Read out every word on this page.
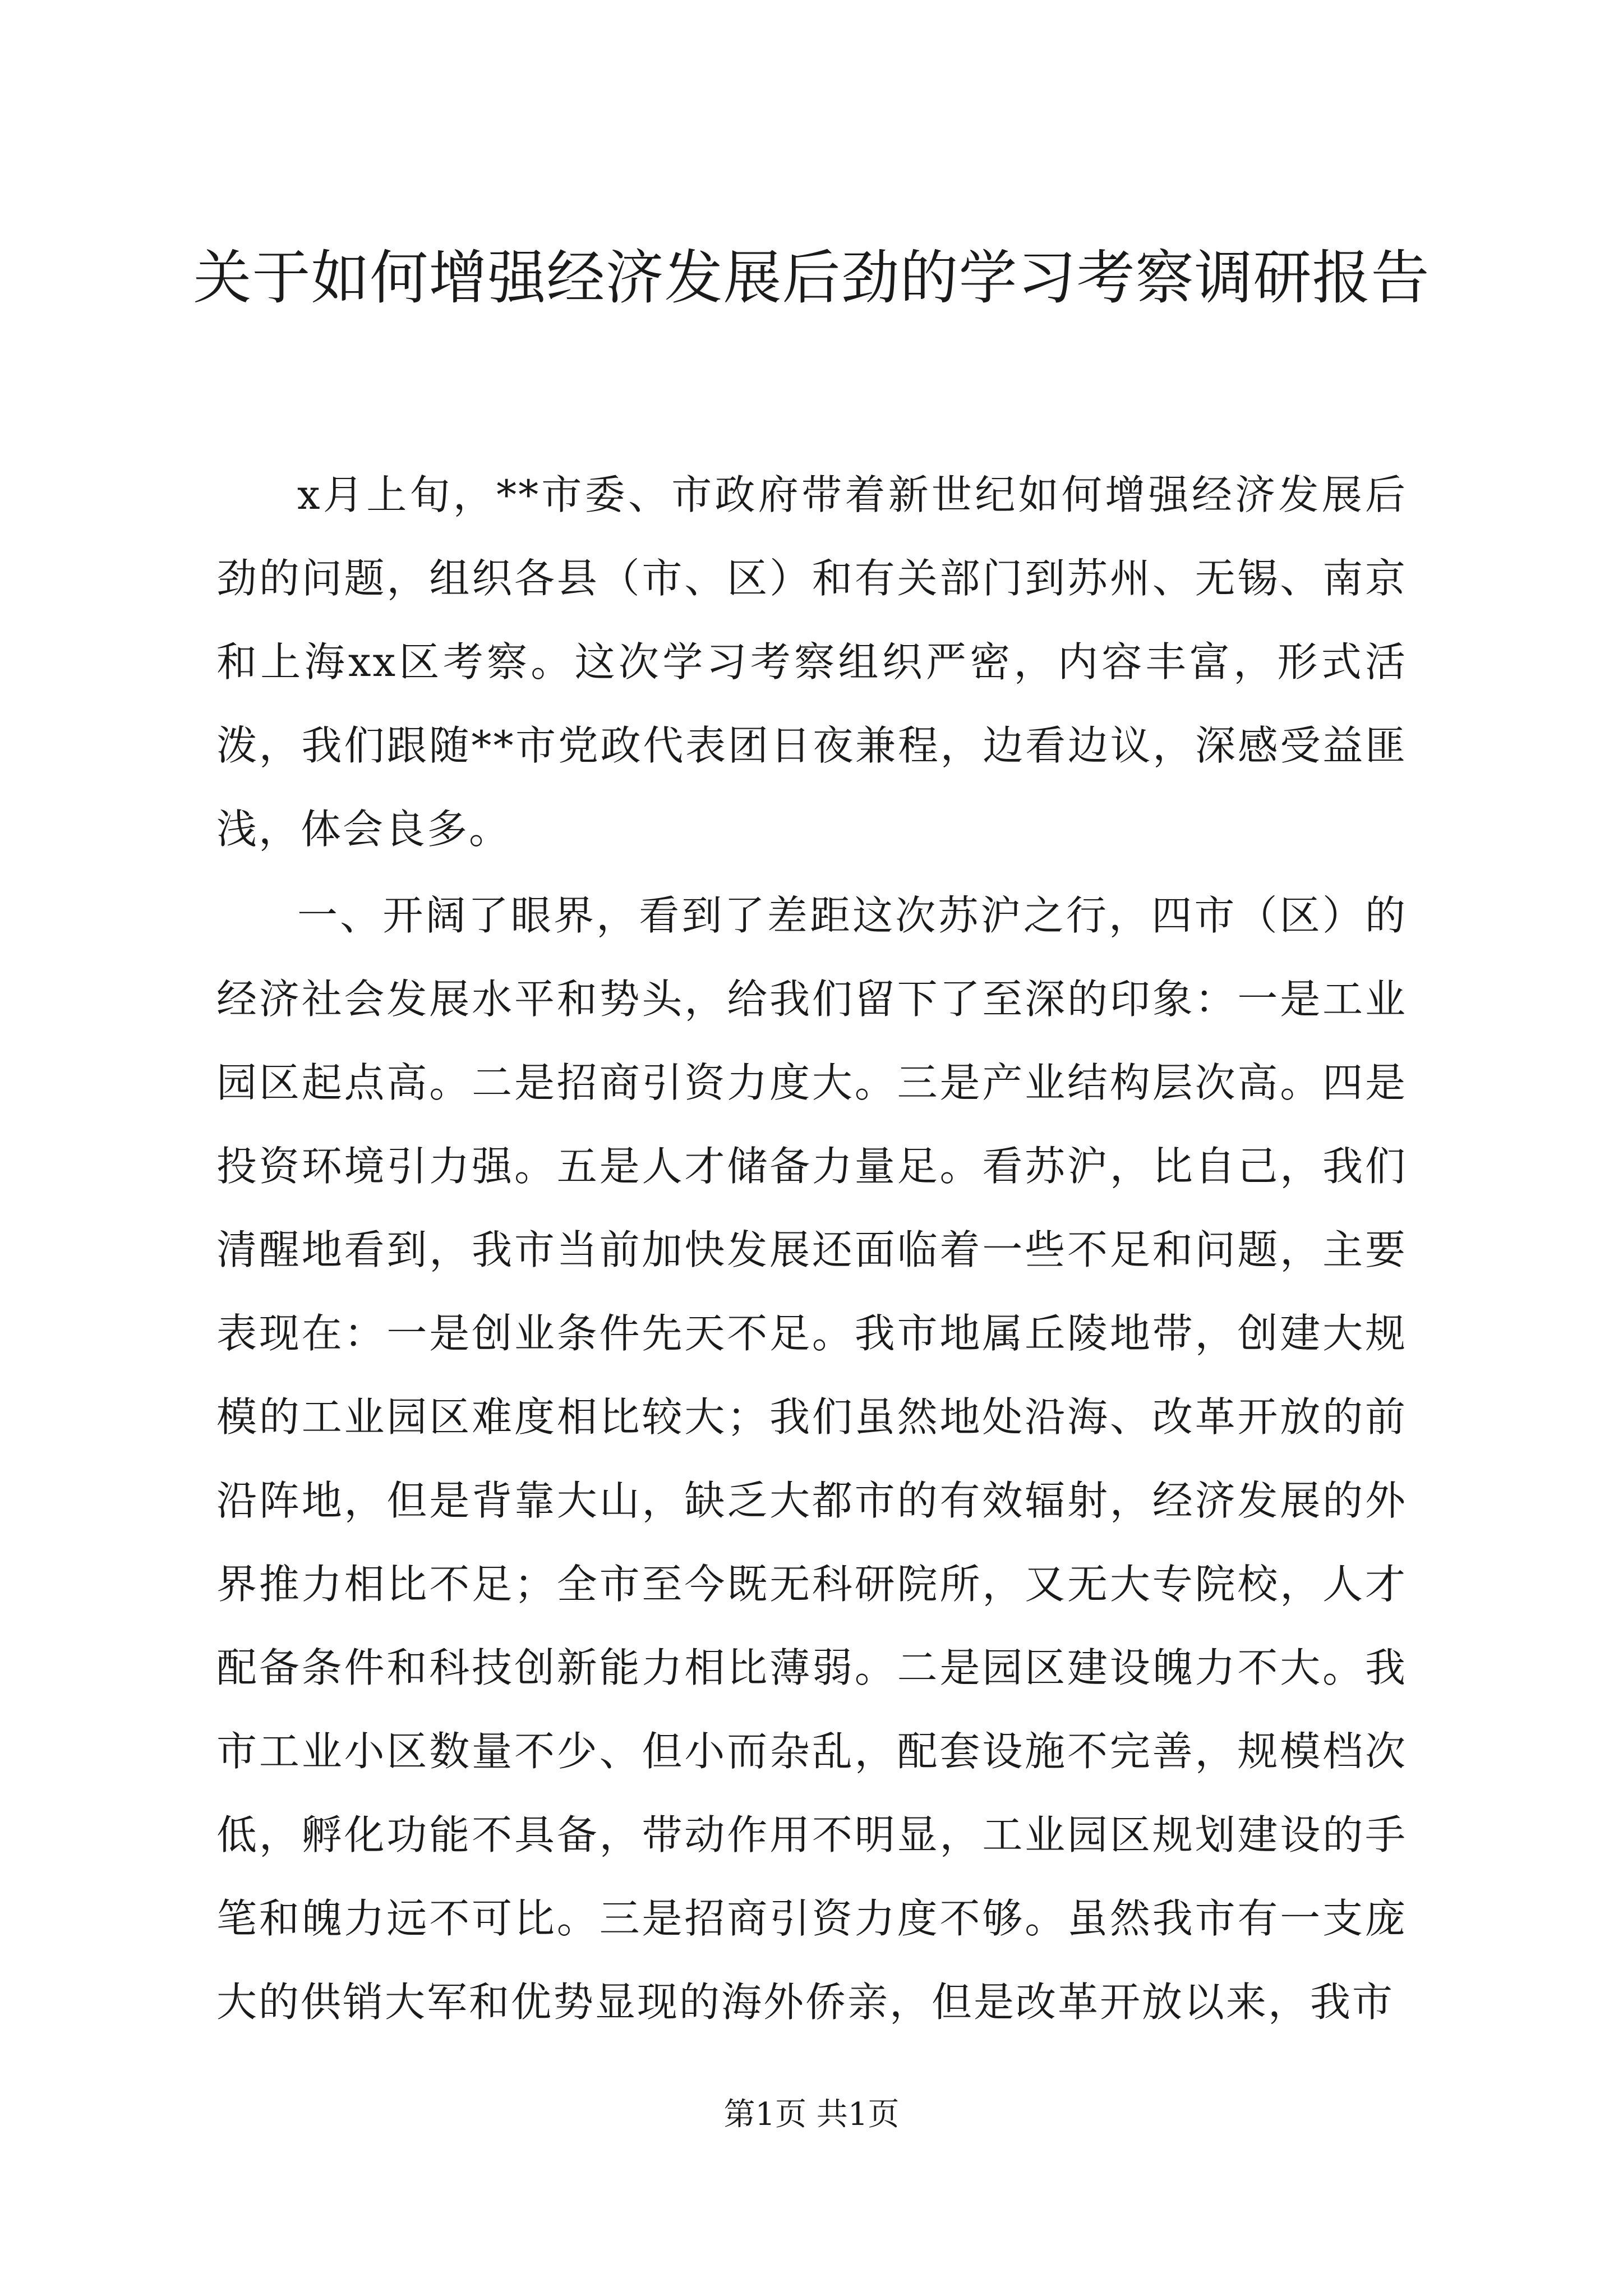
关于如何增强经济发展后劲的学习考察调研报告

x月上旬，**市委、市政府带着新世纪如何增强经济发展后劲的问题，组织各县（市、区）和有关部门到苏州、无锡、南京和上海xx区考察。这次学习考察组织严密，内容丰富，形式活泼，我们跟随**市党政代表团日夜兼程，边看边议，深感受益匪浅，体会良多。

一、开阔了眼界，看到了差距这次苏沪之行，四市（区）的经济社会发展水平和势头，给我们留下了至深的印象：一是工业园区起点高。二是招商引资力度大。三是产业结构层次高。四是投资环境引力强。五是人才储备力量足。看苏沪，比自己，我们清醒地看到，我市当前加快发展还面临着一些不足和问题，主要表现在：一是创业条件先天不足。我市地属丘陵地带，创建大规模的工业园区难度相比较大；我们虽然地处沿海、改革开放的前沿阵地，但是背靠大山，缺乏大都市的有效辐射，经济发展的外界推力相比不足；全市至今既无科研院所，又无大专院校，人才配备条件和科技创新能力相比薄弱。二是园区建设魄力不大。我市工业小区数量不少、但小而杂乱，配套设施不完善，规模档次低，孵化功能不具备，带动作用不明显，工业园区规划建设的手笔和魄力远不可比。三是招商引资力度不够。虽然我市有一支庞大的供销大军和优势显现的海外侨亲，但是改革开放以来，我市

第1页 共1页
